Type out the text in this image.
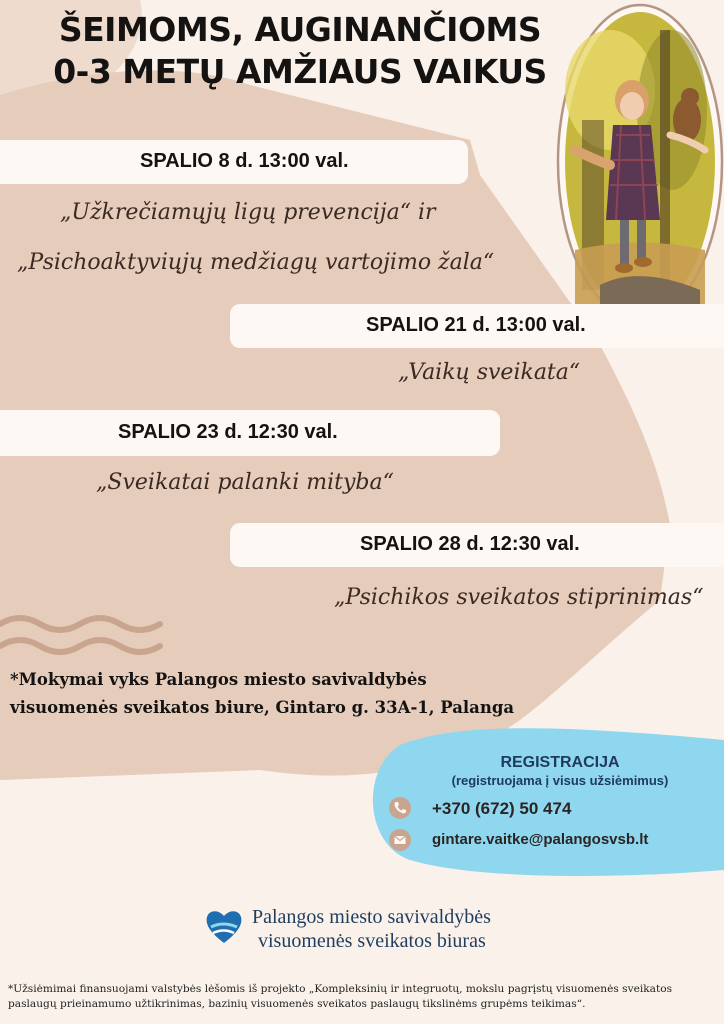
ŠEIMOMS, AUGINANČIOMS
0-3 METŲ AMŽIAUS VAIKUS
SPALIO 8 d. 13:00 val.
„Užkrečiamųjų ligų prevencija“ ir
„Psichoaktyviųjų medžiagų vartojimo žala“
SPALIO 21 d. 13:00 val.
„Vaikų sveikata“
SPALIO 23 d. 12:30 val.
„Sveikatai palanki mityba“
SPALIO 28 d. 12:30 val.
„Psichikos sveikatos stiprinimas“
*Mokymai vyks Palangos miesto savivaldybės
visuomenės sveikatos biure, Gintaro g. 33A-1, Palanga
REGISTRACIJA
(registruojama į visus užsiėmimus)
+370 (672) 50 474
gintare.vaitke@palangosvsb.lt
Palangos miesto savivaldybės
visuomenės sveikatos biuras
*Užsiėmimai finansuojami valstybės lėšomis iš projekto „Kompleksinių ir integruotų, mokslu pagrįstų visuomenės sveikatos paslaugų prieinamumo užtikrinimas, bazinių visuomenės sveikatos paslaugų tikslinėms grupėms teikimas“.
